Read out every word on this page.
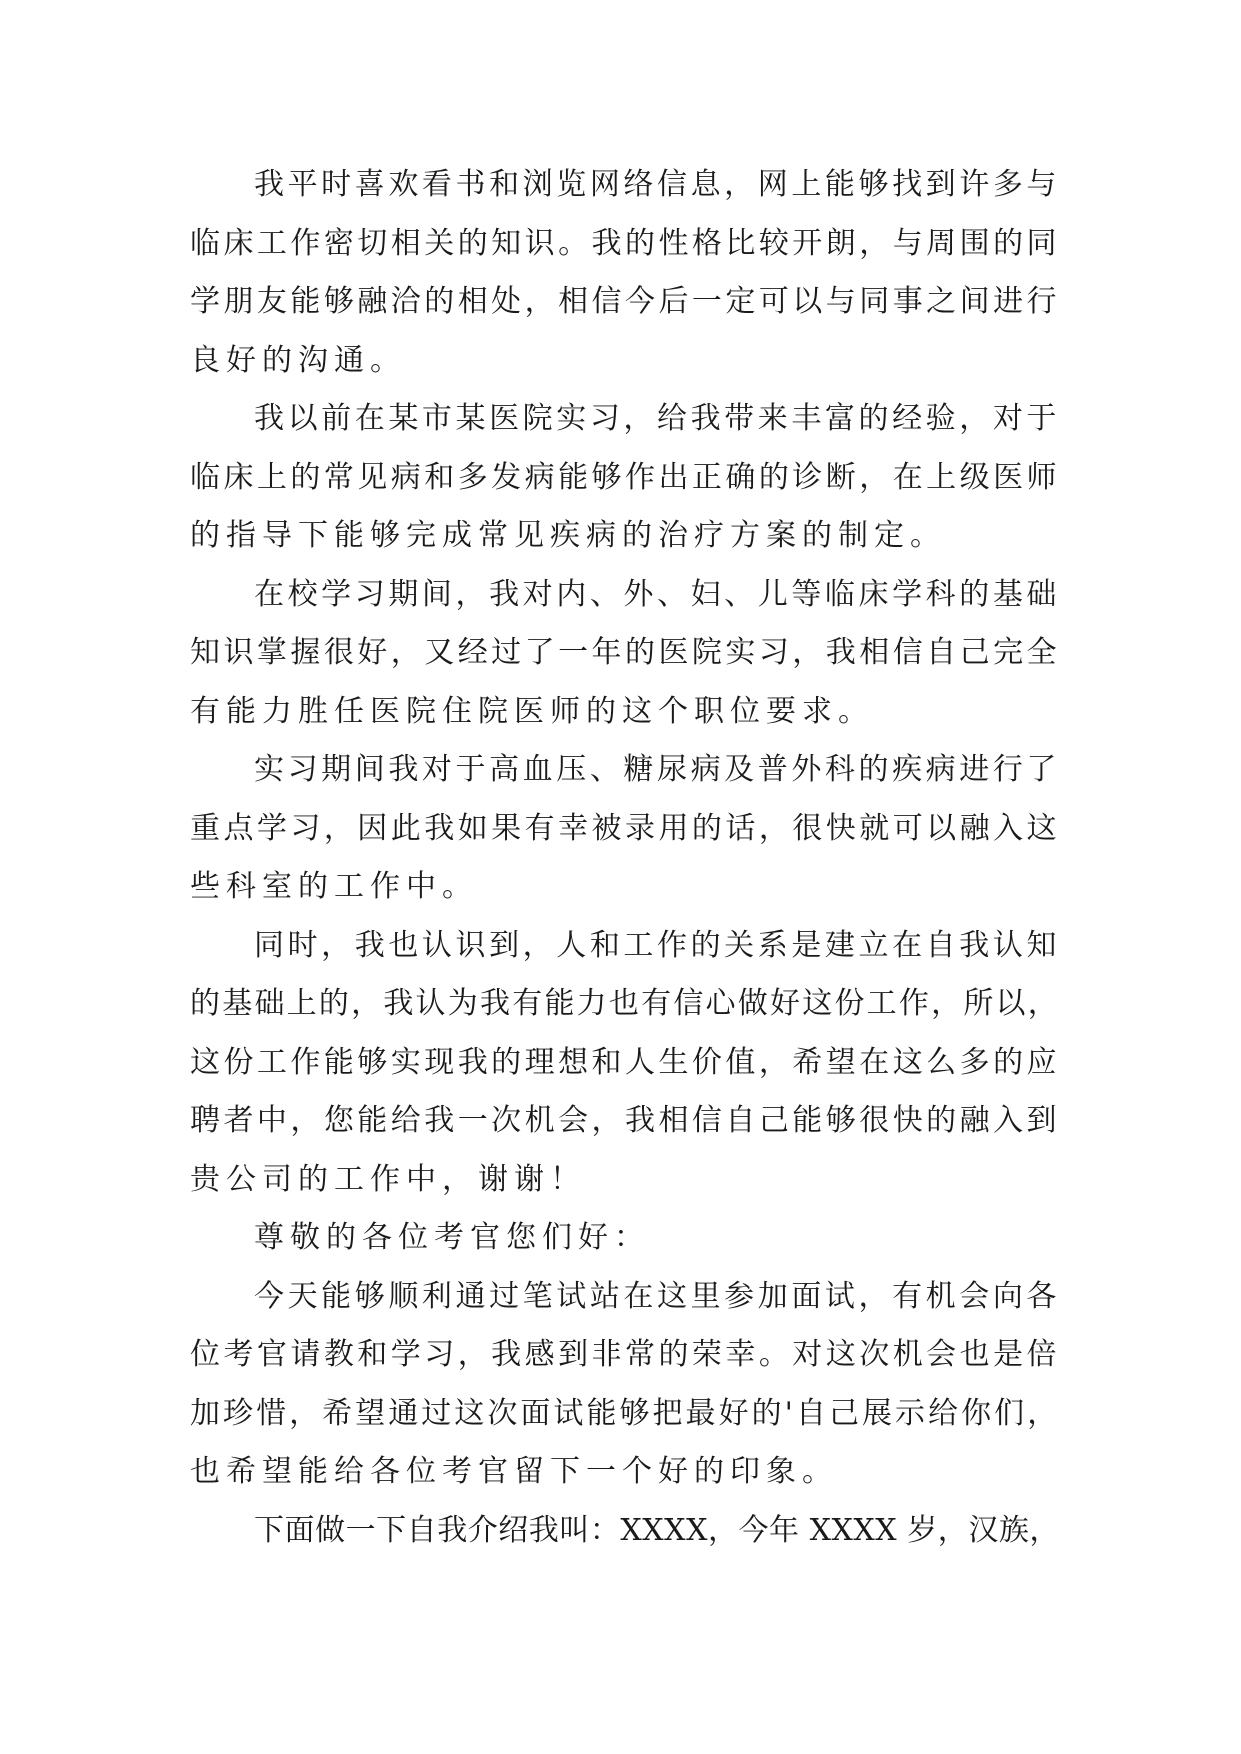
我平时喜欢看书和浏览网络信息，网上能够找到许多与
临床工作密切相关的知识。我的性格比较开朗，与周围的同
学朋友能够融洽的相处，相信今后一定可以与同事之间进行
良好的沟通。
我以前在某市某医院实习，给我带来丰富的经验，对于
临床上的常见病和多发病能够作出正确的诊断，在上级医师
的指导下能够完成常见疾病的治疗方案的制定。
在校学习期间，我对内、外、妇、儿等临床学科的基础
知识掌握很好，又经过了一年的医院实习，我相信自己完全
有能力胜任医院住院医师的这个职位要求。
实习期间我对于高血压、糖尿病及普外科的疾病进行了
重点学习，因此我如果有幸被录用的话，很快就可以融入这
些科室的工作中。
同时，我也认识到，人和工作的关系是建立在自我认知
的基础上的，我认为我有能力也有信心做好这份工作，所以，
这份工作能够实现我的理想和人生价值，希望在这么多的应
聘者中，您能给我一次机会，我相信自己能够很快的融入到
贵公司的工作中，谢谢！
尊敬的各位考官您们好：
今天能够顺利通过笔试站在这里参加面试，有机会向各
位考官请教和学习，我感到非常的荣幸。对这次机会也是倍
加珍惜，希望通过这次面试能够把最好的'自己展示给你们，
也希望能给各位考官留下一个好的印象。
下面做一下自我介绍我叫：XXXX，今年 XXXX 岁，汉族，
